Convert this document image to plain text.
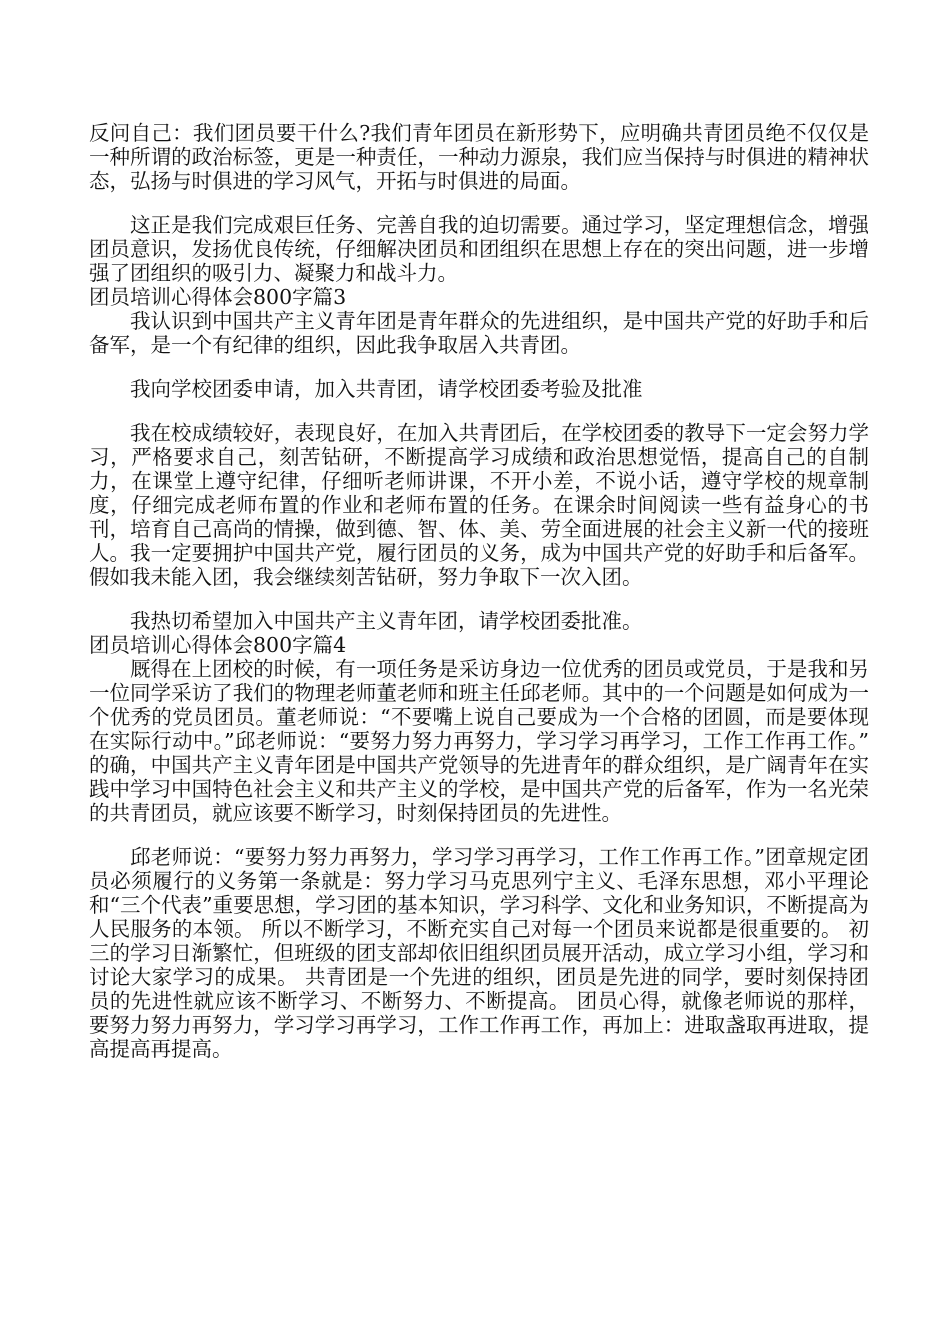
反问自己：我们团员要干什么?我们青年团员在新形势下，应明确共青团员绝不仅仅是一种所谓的政治标签，更是一种责任，一种动力源泉，我们应当保持与时俱进的精神状态，弘扬与时俱进的学习风气，开拓与时俱进的局面。

这正是我们完成艰巨任务、完善自我的迫切需要。通过学习，坚定理想信念，增强团员意识，发扬优良传统，仔细解决团员和团组织在思想上存在的突出问题，进一步增强了团组织的吸引力、凝聚力和战斗力。

团员培训心得体会800字篇3

我认识到中国共产主义青年团是青年群众的先进组织，是中国共产党的好助手和后备军，是一个有纪律的组织，因此我争取居入共青团。

我向学校团委申请，加入共青团，请学校团委考验及批准

我在校成绩较好，表现良好，在加入共青团后，在学校团委的教导下一定会努力学习，严格要求自己，刻苦钻研，不断提高学习成绩和政治思想觉悟，提高自己的自制力，在课堂上遵守纪律，仔细听老师讲课，不开小差，不说小话，遵守学校的规章制度，仔细完成老师布置的作业和老师布置的任务。在课余时间阅读一些有益身心的书刊，培育自己高尚的情操，做到德、智、体、美、劳全面进展的社会主义新一代的接班人。我一定要拥护中国共产党，履行团员的义务，成为中国共产党的好助手和后备军。假如我未能入团，我会继续刻苦钻研，努力争取下一次入团。

我热切希望加入中国共产主义青年团，请学校团委批准。

团员培训心得体会800字篇4

厩得在上团校的时候，有一项任务是采访身边一位优秀的团员或党员，于是我和另一位同学采访了我们的物理老师董老师和班主任邱老师。其中的一个问题是如何成为一个优秀的党员团员。董老师说：“不要嘴上说自己要成为一个合格的团圆，而是要体现在实际行动中。”邱老师说：“要努力努力再努力，学习学习再学习，工作工作再工作。” 的确，中国共产主义青年团是中国共产党领导的先进青年的群众组织，是广阔青年在实践中学习中国特色社会主义和共产主义的学校，是中国共产党的后备军，作为一名光荣的共青团员，就应该要不断学习，时刻保持团员的先进性。

邱老师说：“要努力努力再努力，学习学习再学习，工作工作再工作。”团章规定团员必须履行的义务第一条就是：努力学习马克思列宁主义、毛泽东思想，邓小平理论和“三个代表”重要思想，学习团的基本知识，学习科学、文化和业务知识，不断提高为人民服务的本领。 所以不断学习，不断充实自己对每一个团员来说都是很重要的。 初三的学习日渐繁忙，但班级的团支部却依旧组织团员展开活动，成立学习小组，学习和讨论大家学习的成果。 共青团是一个先进的组织，团员是先进的同学，要时刻保持团员的先进性就应该不断学习、不断努力、不断提高。 团员心得，就像老师说的那样，要努力努力再努力，学习学习再学习，工作工作再工作，再加上：进取盏取再进取，提高提高再提高。
